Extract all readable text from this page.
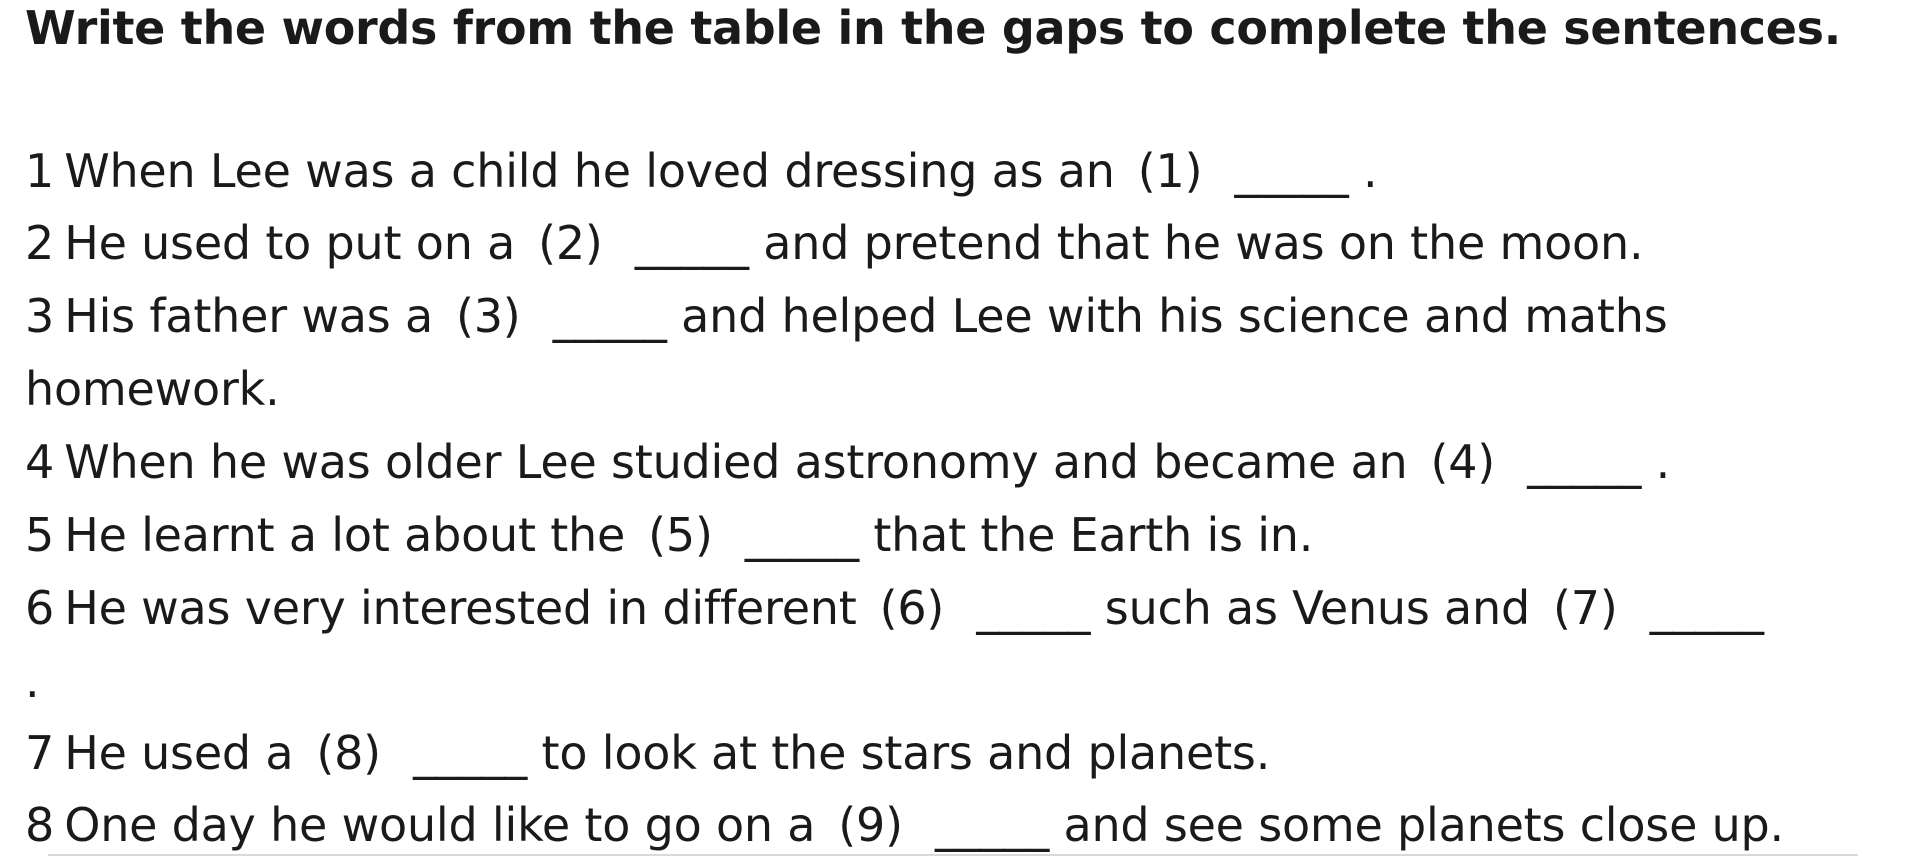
Write the words from the table in the gaps to complete the sentences.
1 When Lee was a child he loved dressing as an (1) _____ .
2 He used to put on a (2) _____ and pretend that he was on the moon.
3 His father was a (3) _____ and helped Lee with his science and maths
homework.
4 When he was older Lee studied astronomy and became an (4) _____ .
5 He learnt a lot about the (5) _____ that the Earth is in.
6 He was very interested in different (6) _____ such as Venus and (7) _____
.
7 He used a (8) _____ to look at the stars and planets.
8 One day he would like to go on a (9) _____ and see some planets close up.
